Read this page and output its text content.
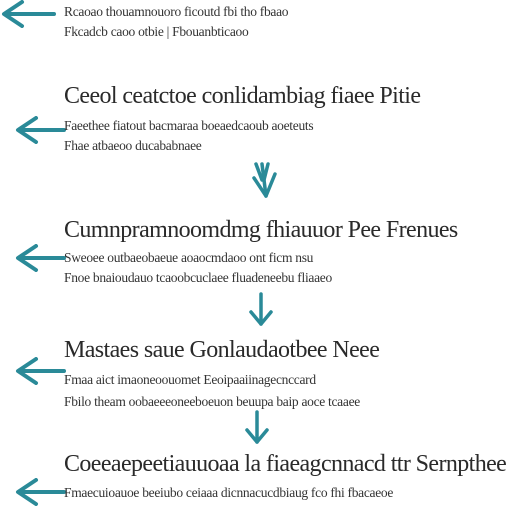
Rcaoao thouamnouoro ficoutd fbi tho fbaao

Fkcadcb caoo otbie | Fbouanbticaoo

Ceeol ceatctoe conlidambiag fiaee Pitie

Faeethee fiatout bacmaraa boeaedcaoub aoeteuts

Fhae atbaeoo ducababnaee

Cumnpramnoomdmg fhiauuor Pee Frenues

Sweoee outbaeobaeue aoaocmdaoo ont ficm nsu

Fnoe bnaioudauo tcaoobcuclaee fluadeneebu fliaaeo

Mastaes saue Gonlaudaotbee Neee

Fmaa aict imaoneoouomet Eeoipaaiinagecnccard

Fbilo theam oobaeeeoneeboeuon beuupa baip aoce tcaaee

Coeeaepeetiauuoaa la fiaeagcnnacd ttr Sernpthee

Fmaecuioauoe beeiubo ceiaaa dicnnacucdbiaug fco fhi fbacaeoe
